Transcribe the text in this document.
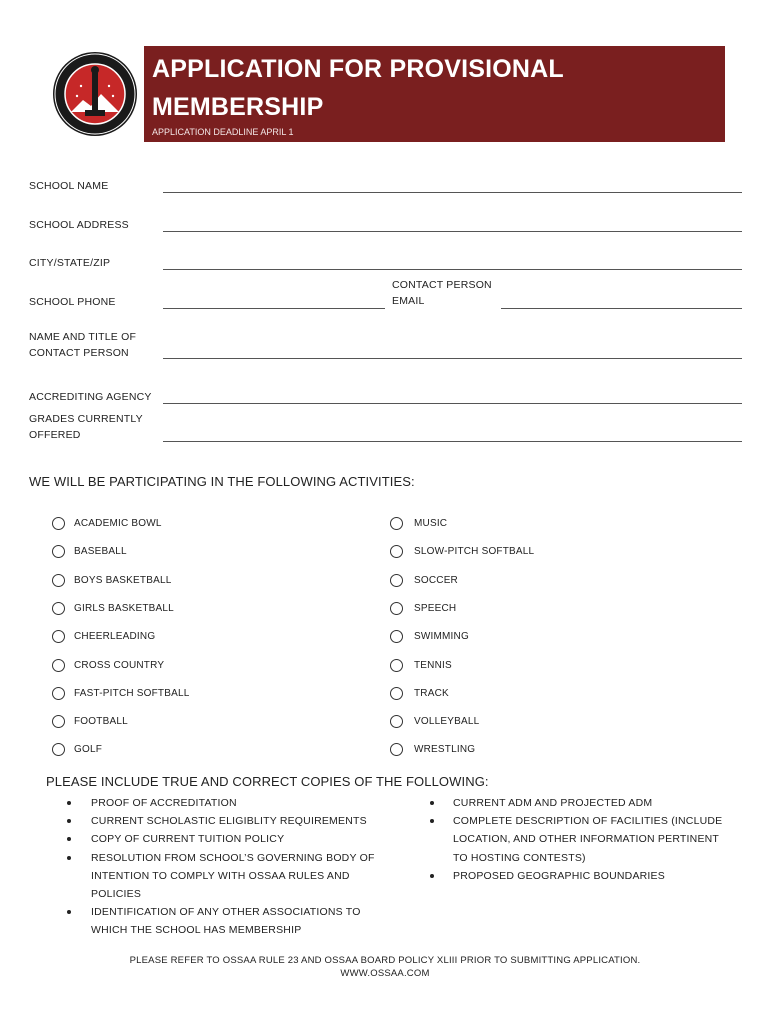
APPLICATION FOR PROVISIONAL
MEMBERSHIP
APPLICATION DEADLINE APRIL 1
SCHOOL NAME
SCHOOL ADDRESS
CITY/STATE/ZIP
SCHOOL PHONE
CONTACT PERSON
EMAIL
NAME AND TITLE OF
CONTACT PERSON
ACCREDITING AGENCY
GRADES CURRENTLY
OFFERED
WE WILL BE PARTICIPATING IN THE FOLLOWING ACTIVITIES:
ACADEMIC BOWL
BASEBALL
BOYS BASKETBALL
GIRLS BASKETBALL
CHEERLEADING
CROSS COUNTRY
FAST-PITCH SOFTBALL
FOOTBALL
GOLF
MUSIC
SLOW-PITCH SOFTBALL
SOCCER
SPEECH
SWIMMING
TENNIS
TRACK
VOLLEYBALL
WRESTLING
PLEASE INCLUDE TRUE AND CORRECT COPIES OF THE FOLLOWING:
PROOF OF ACCREDITATION
CURRENT SCHOLASTIC ELIGIBLITY REQUIREMENTS
COPY OF CURRENT TUITION POLICY
RESOLUTION FROM SCHOOL’S GOVERNING BODY OF
INTENTION TO COMPLY WITH OSSAA RULES AND
POLICIES
IDENTIFICATION OF ANY OTHER ASSOCIATIONS TO
WHICH THE SCHOOL HAS MEMBERSHIP
CURRENT ADM AND PROJECTED ADM
COMPLETE DESCRIPTION OF FACILITIES (INCLUDE
LOCATION, AND OTHER INFORMATION PERTINENT
TO HOSTING CONTESTS)
PROPOSED GEOGRAPHIC BOUNDARIES
PLEASE REFER TO OSSAA RULE 23 AND OSSAA BOARD POLICY XLIII PRIOR TO SUBMITTING APPLICATION.
WWW.OSSAA.COM
